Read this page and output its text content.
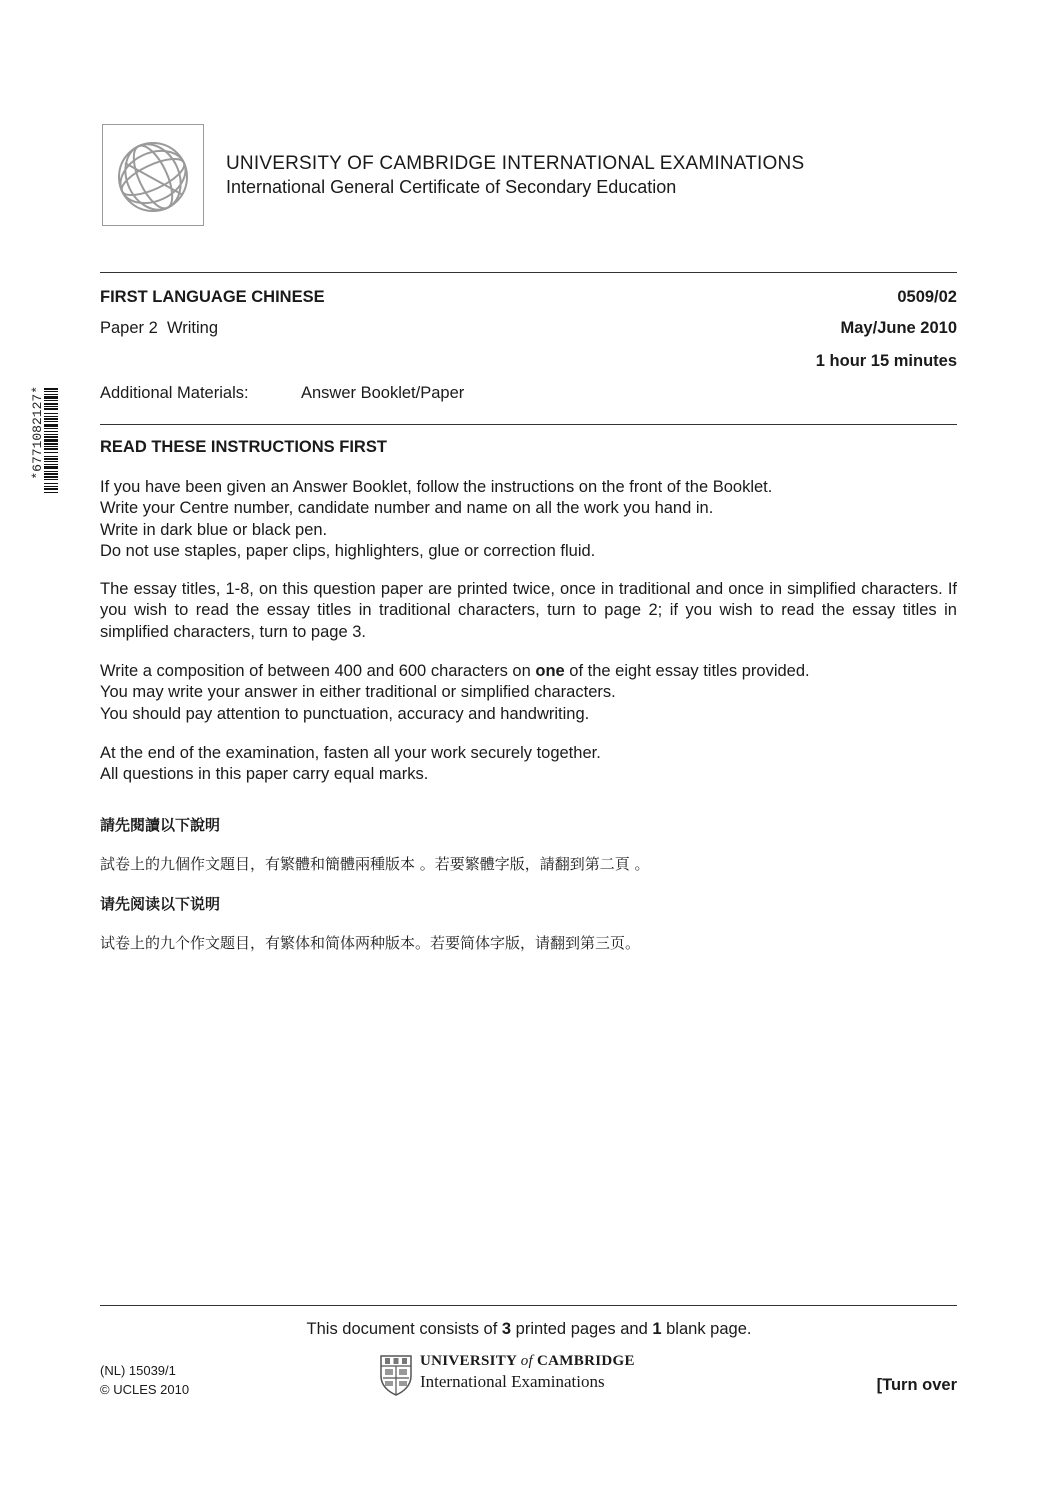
UNIVERSITY OF CAMBRIDGE INTERNATIONAL EXAMINATIONS
International General Certificate of Secondary Education
FIRST LANGUAGE CHINESE	0509/02
Paper 2  Writing	May/June 2010
1 hour 15 minutes
Additional Materials:	Answer Booklet/Paper
*6771082127*	READ THESE INSTRUCTIONS FIRST
If you have been given an Answer Booklet, follow the instructions on the front of the Booklet.
Write your Centre number, candidate number and name on all the work you hand in.
Write in dark blue or black pen.
Do not use staples, paper clips, highlighters, glue or correction fluid.
The essay titles, 1-8, on this question paper are printed twice, once in traditional and once in simplified characters. If you wish to read the essay titles in traditional characters, turn to page 2; if you wish to read the essay titles in simplified characters, turn to page 3.
Write a composition of between 400 and 600 characters on one of the eight essay titles provided.
You may write your answer in either traditional or simplified characters.
You should pay attention to punctuation, accuracy and handwriting.
At the end of the examination, fasten all your work securely together.
All questions in this paper carry equal marks.
請先閱讀以下說明
試卷上的九個作文題目，有繁體和簡體兩種版本 。若要繁體字版，請翻到第二頁 。
请先阅读以下说明
试卷上的九个作文题目，有繁体和简体两种版本。若要简体字版，请翻到第三页。
This document consists of 3 printed pages and 1 blank page.
(NL) 15039/1
© UCLES 2010
UNIVERSITY of CAMBRIDGE
International Examinations	[Turn over
